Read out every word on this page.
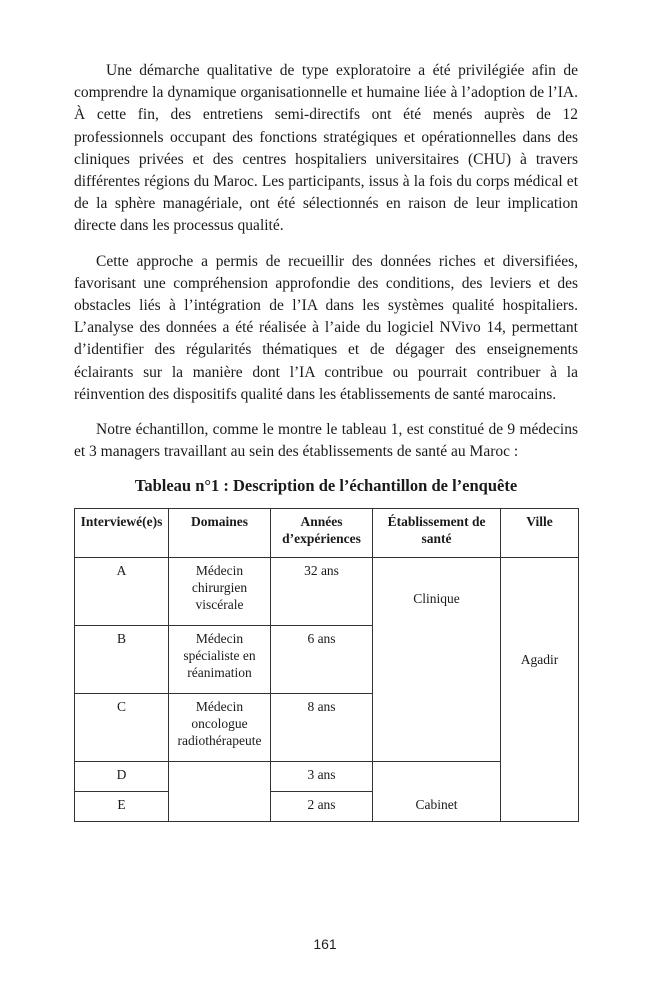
Une démarche qualitative de type exploratoire a été privilégiée afin de comprendre la dynamique organisationnelle et humaine liée à l’adoption de l’IA. À cette fin, des entretiens semi-directifs ont été menés auprès de 12 professionnels occupant des fonctions stratégiques et opérationnelles dans des cliniques privées et des centres hospitaliers universitaires (CHU) à travers différentes régions du Maroc. Les participants, issus à la fois du corps médical et de la sphère managériale, ont été sélectionnés en raison de leur implication directe dans les processus qualité.

Cette approche a permis de recueillir des données riches et diversifiées, favorisant une compréhension approfondie des conditions, des leviers et des obstacles liés à l’intégration de l’IA dans les systèmes qualité hospitaliers. L’analyse des données a été réalisée à l’aide du logiciel NVivo 14, permettant d’identifier des régularités thématiques et de dégager des enseignements éclairants sur la manière dont l’IA contribue ou pourrait contribuer à la réinvention des dispositifs qualité dans les établissements de santé marocains.

Notre échantillon, comme le montre le tableau 1, est constitué de 9 médecins et 3 managers travaillant au sein des établissements de santé au Maroc :

Tableau n°1 : Description de l’échantillon de l’enquête
Interviewé(e)s	Domaines	Années d’expériences	Établissement de santé	Ville
A	Médecin chirurgien viscérale	32 ans	Clinique	Agadir
B	Médecin spécialiste en réanimation	6 ans		
C	Médecin oncologue radiothérapeute	8 ans		
D		3 ans	Cabinet	
E		2 ans		
161
